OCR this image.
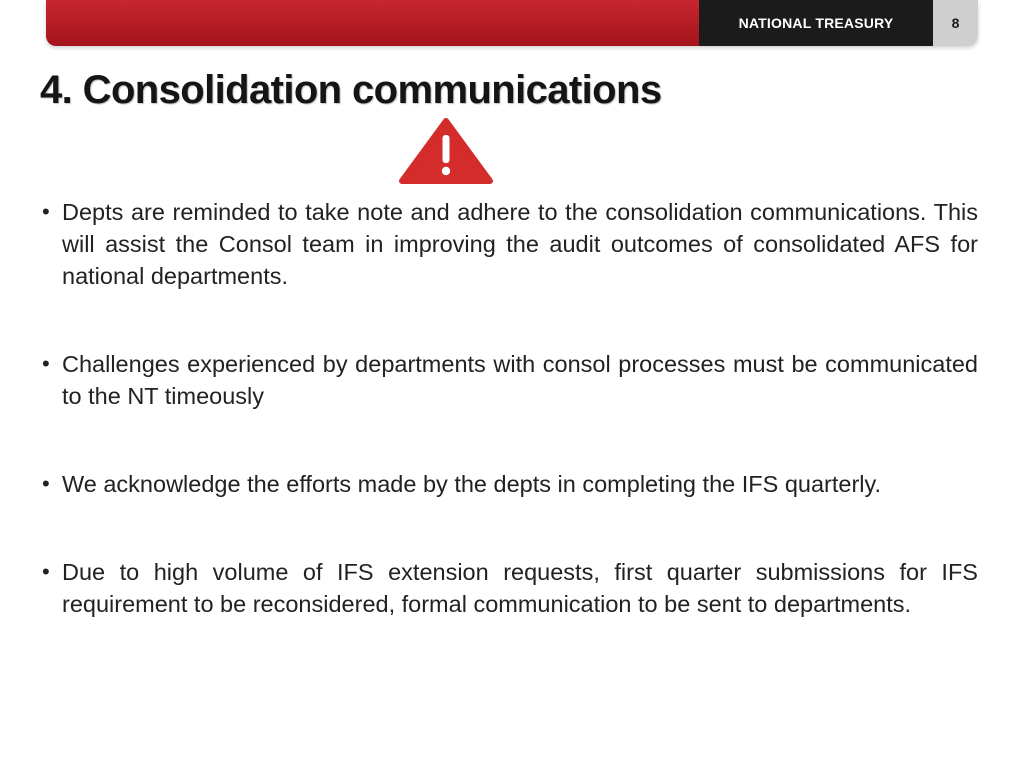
NATIONAL TREASURY	8
4. Consolidation communications
• Depts are reminded to take note and adhere to the consolidation communications. This will assist the Consol team in improving the audit outcomes of consolidated AFS for national departments.
• Challenges experienced by departments with consol processes must be communicated to the NT timeously
• We acknowledge the efforts made by the depts in completing the IFS quarterly.
• Due to high volume of IFS extension requests, first quarter submissions for IFS requirement to be reconsidered, formal communication to be sent to departments.
